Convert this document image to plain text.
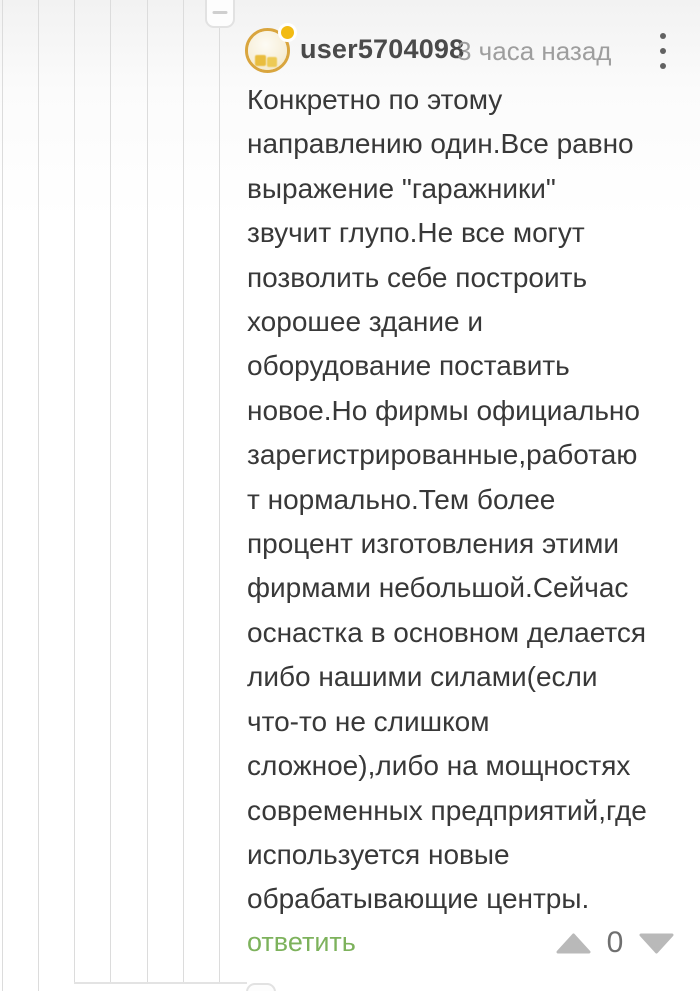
user5704098
3 часа назад
Конкретно по этому
направлению один.Все равно
выражение "гаражники"
звучит глупо.Не все могут
позволить себе построить
хорошее здание и
оборудование поставить
новое.Но фирмы официально
зарегистрированные,работаю
т нормально.Тем более
процент изготовления этими
фирмами небольшой.Сейчас
оснастка в основном делается
либо нашими силами(если
что-то не слишком
сложное),либо на мощностях
современных предприятий,где
используется новые
обрабатывающие центры.
ответить	0
